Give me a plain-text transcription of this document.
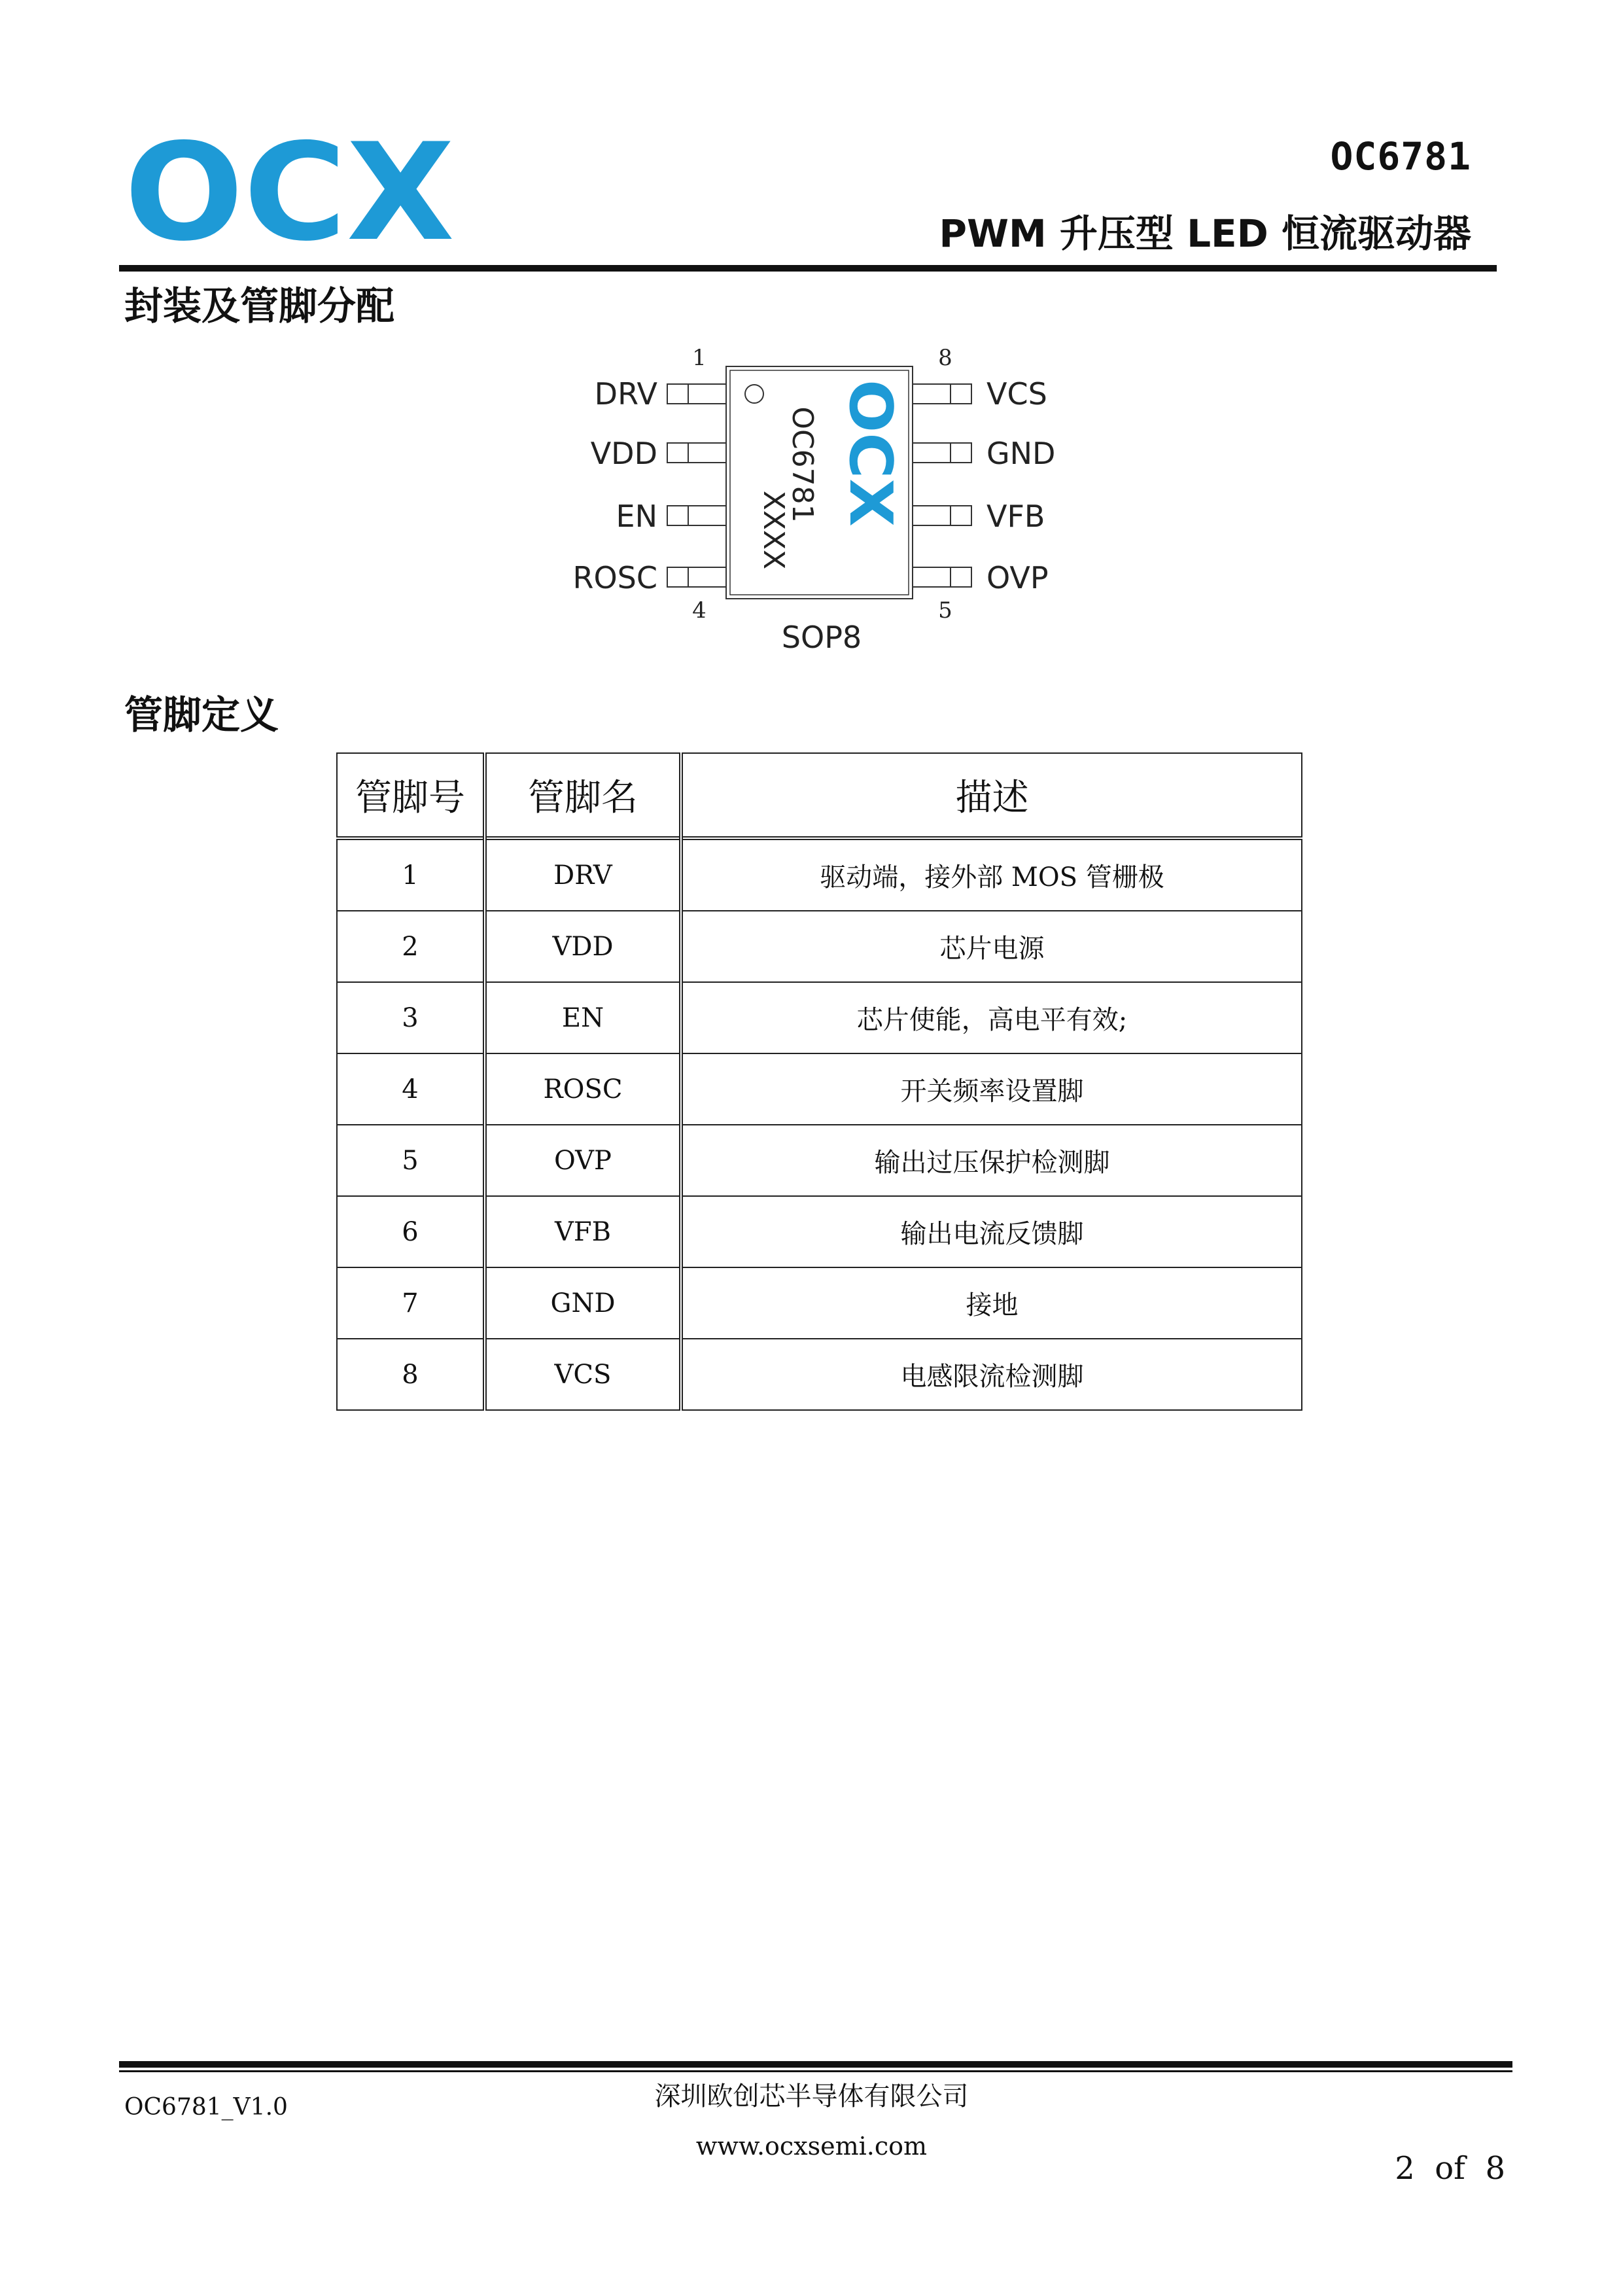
OCX	OC6781
PWM 升压型 LED 恒流驱动器
封装及管脚分配
1	8
4	5
DRV
VDD
EN
ROSC
VCS
GND
VFB
OVP
SOP8
OC6781
XXXX
OCX
管脚定义
管脚号	管脚名	描述
1	DRV	驱动端，接外部 MOS 管栅极
2	VDD	芯片电源
3	EN	芯片使能，高电平有效;
4	ROSC	开关频率设置脚
5	OVP	输出过压保护检测脚
6	VFB	输出电流反馈脚
7	GND	接地
8	VCS	电感限流检测脚
OC6781_V1.0	深圳欧创芯半导体有限公司
www.ocxsemi.com
2  of  8
